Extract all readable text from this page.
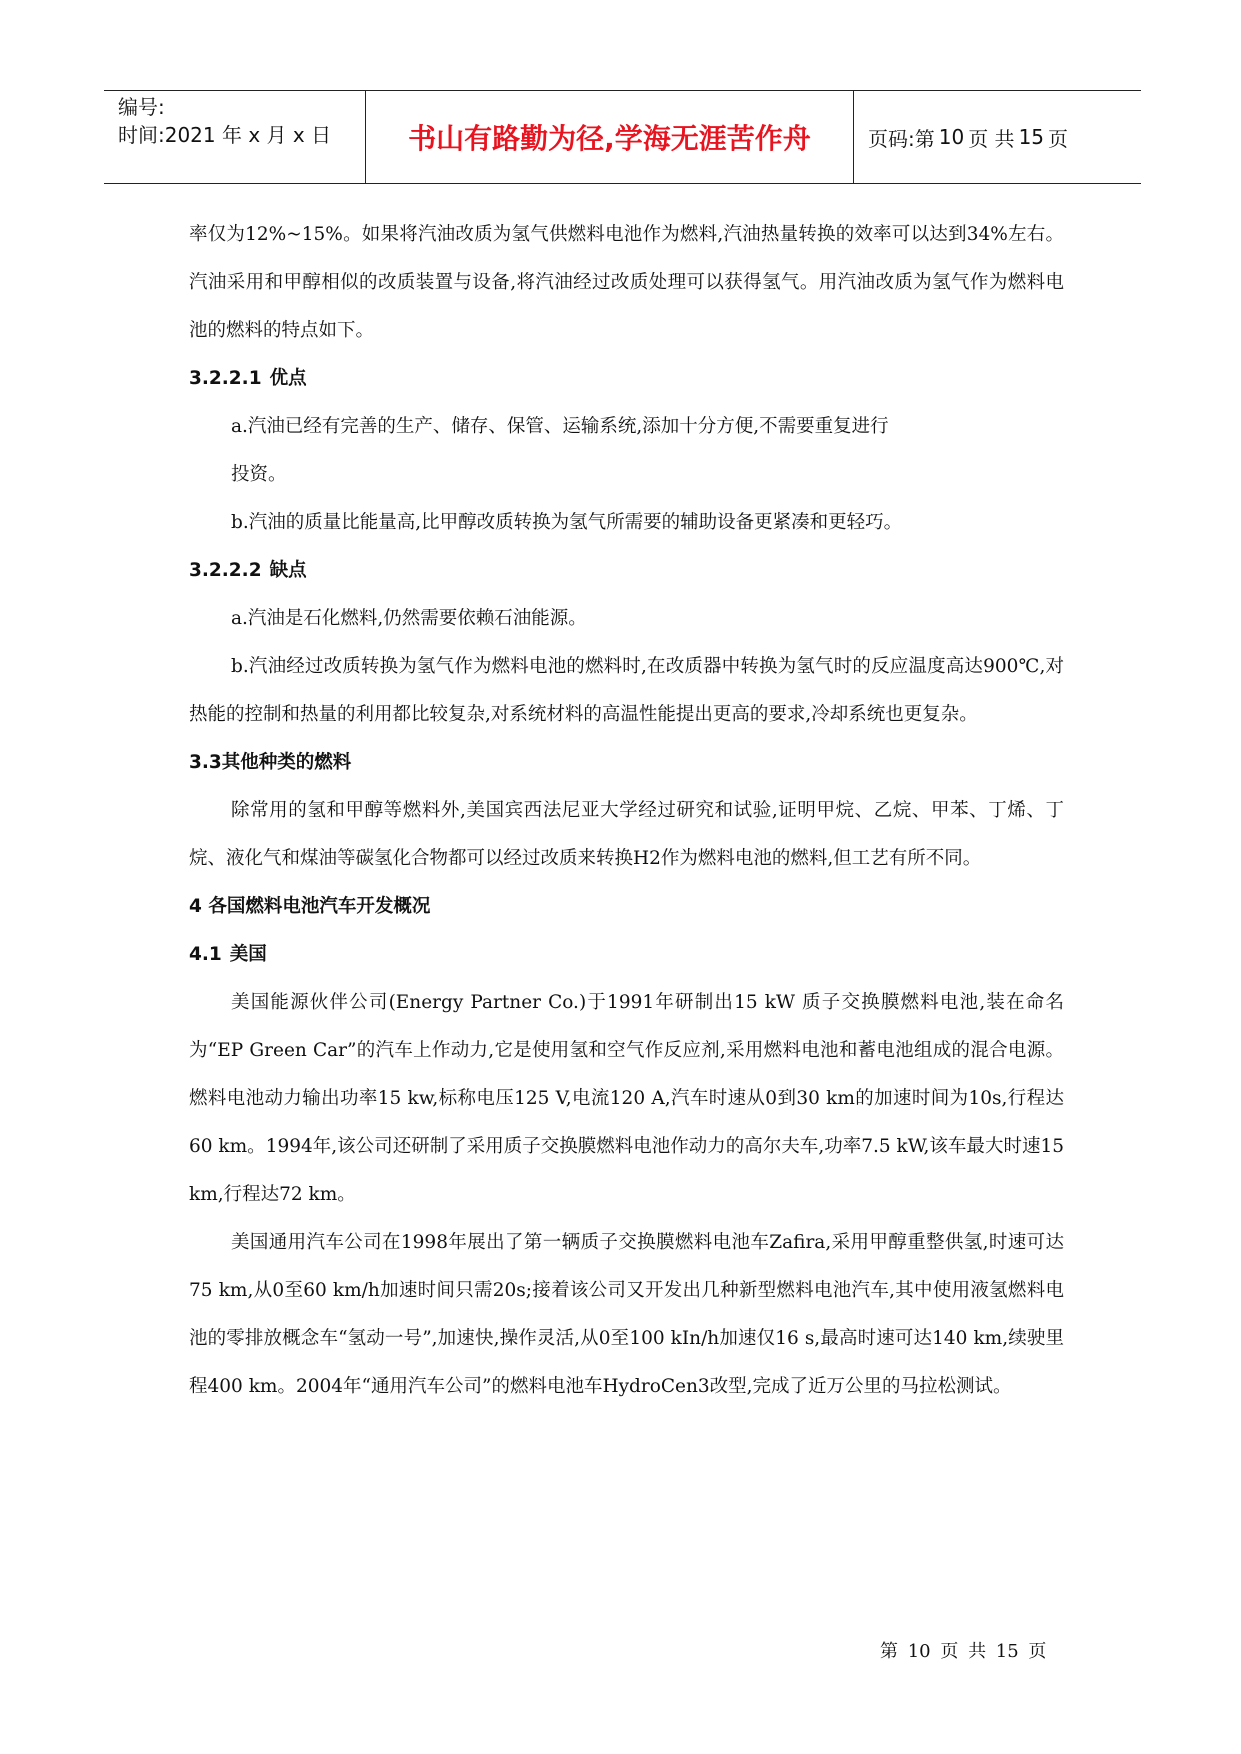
编号:
时间:2021 年 x 月 x 日	书山有路勤为径,学海无涯苦作舟	页码:第 10 页 共 15 页

率仅为12%~15%。如果将汽油改质为氢气供燃料电池作为燃料,汽油热量转换的效率可以达到34%左右。汽油采用和甲醇相似的改质装置与设备,将汽油经过改质处理可以获得氢气。用汽油改质为氢气作为燃料电池的燃料的特点如下。

3.2.2.1 优点

a.汽油已经有完善的生产、储存、保管、运输系统,添加十分方便,不需要重复进行
投资。

b.汽油的质量比能量高,比甲醇改质转换为氢气所需要的辅助设备更紧凑和更轻巧。

3.2.2.2 缺点

a.汽油是石化燃料,仍然需要依赖石油能源。

b.汽油经过改质转换为氢气作为燃料电池的燃料时,在改质器中转换为氢气时的反应温度高达900℃,对热能的控制和热量的利用都比较复杂,对系统材料的高温性能提出更高的要求,冷却系统也更复杂。

3.3其他种类的燃料

除常用的氢和甲醇等燃料外,美国宾西法尼亚大学经过研究和试验,证明甲烷、乙烷、甲苯、丁烯、丁烷、液化气和煤油等碳氢化合物都可以经过改质来转换H2作为燃料电池的燃料,但工艺有所不同。

4 各国燃料电池汽车开发概况

4.1 美国

美国能源伙伴公司(Energy Partner Co.)于1991年研制出15 kW 质子交换膜燃料电池,装在命名为“EP Green Car”的汽车上作动力,它是使用氢和空气作反应剂,采用燃料电池和蓄电池组成的混合电源。燃料电池动力输出功率15 kw,标称电压125 V,电流120 A,汽车时速从0到30 km的加速时间为10s,行程达60 km。1994年,该公司还研制了采用质子交换膜燃料电池作动力的高尔夫车,功率7.5 kW,该车最大时速15 km,行程达72 km。

美国通用汽车公司在1998年展出了第一辆质子交换膜燃料电池车Zafira,采用甲醇重整供氢,时速可达75 km,从0至60 km/h加速时间只需20s;接着该公司又开发出几种新型燃料电池汽车,其中使用液氢燃料电池的零排放概念车“氢动一号”,加速快,操作灵活,从0至100 kIn/h加速仅16 s,最高时速可达140 km,续驶里程400 km。2004年“通用汽车公司”的燃料电池车HydroCen3改型,完成了近万公里的马拉松测试。

第 10 页 共 15 页
